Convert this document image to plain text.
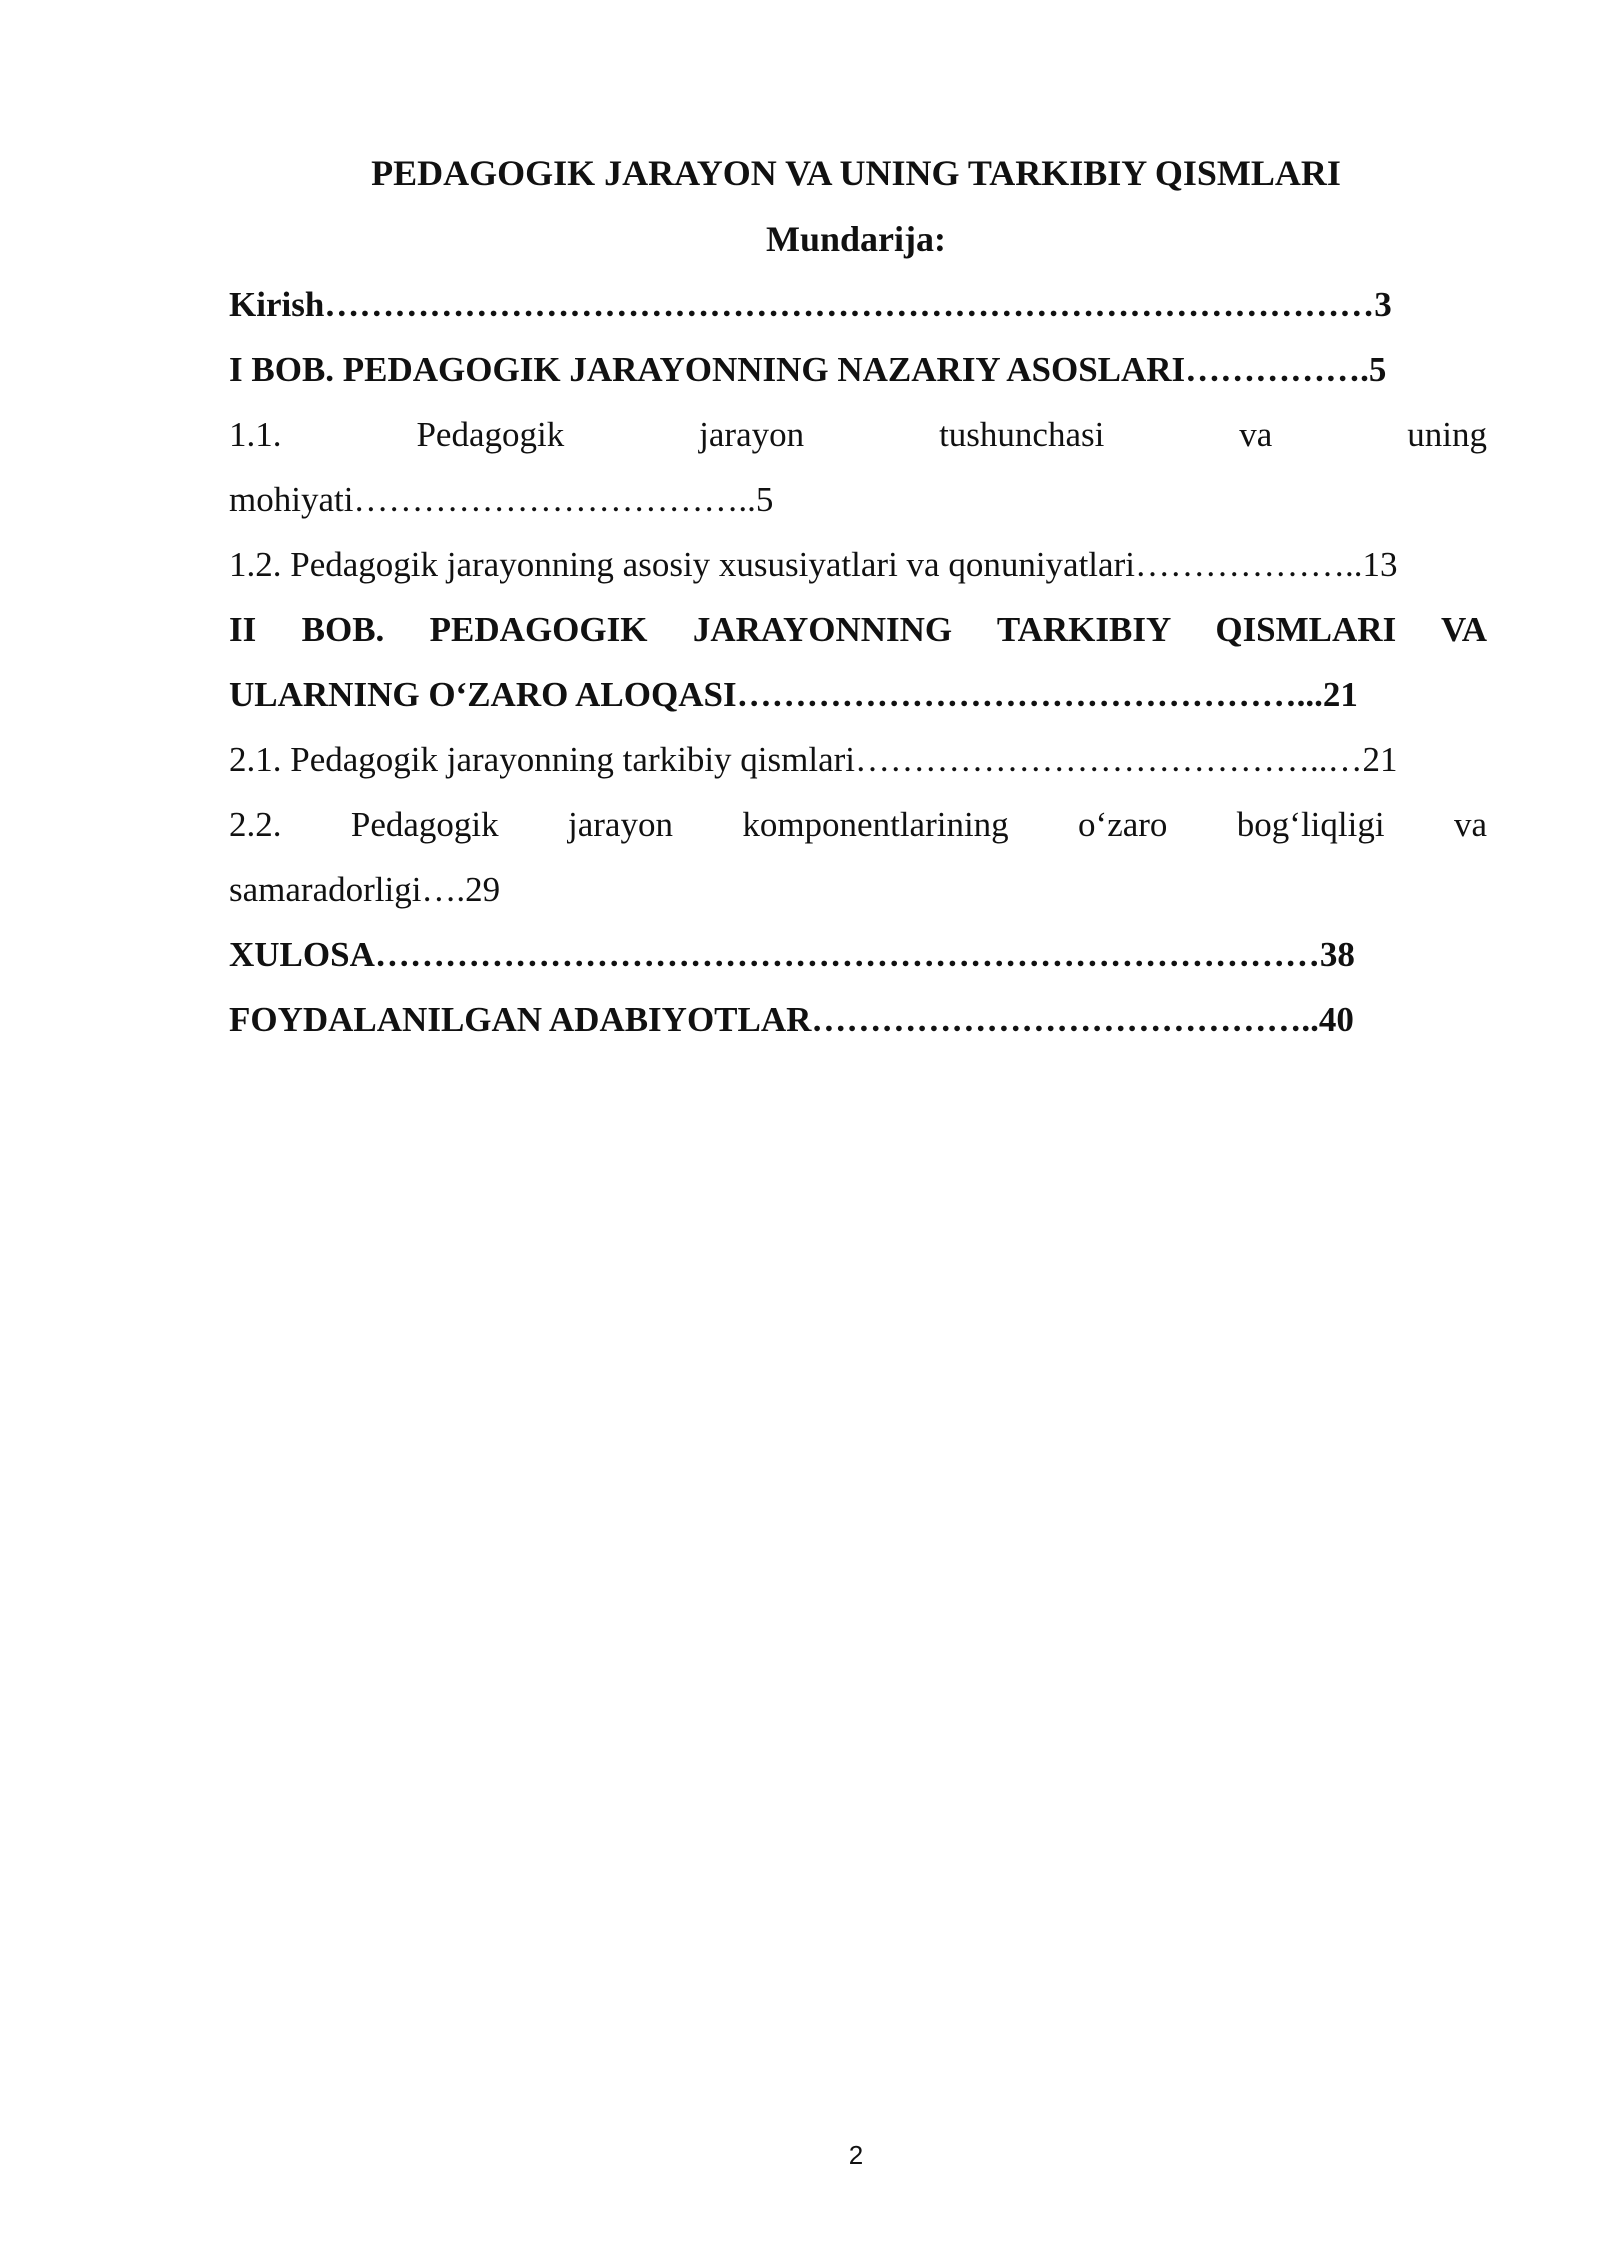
PEDAGOGIK JARAYON VA UNING TARKIBIY QISMLARI
Mundarija:
Kirish………………………………………………………………………………3
I BOB. PEDAGOGIK JARAYONNING NAZARIY ASOSLARI…………….5
1.1. Pedagogik jarayon tushunchasi va uning
mohiyati……………………………..5
1.2. Pedagogik jarayonning asosiy xususiyatlari va qonuniyatlari………………..13
II BOB. PEDAGOGIK JARAYONNING TARKIBIY QISMLARI VA
ULARNING O‘ZARO ALOQASI…………………………………………...21
2.1. Pedagogik jarayonning tarkibiy qismlari…………………………………..…21
2.2. Pedagogik jarayon komponentlarining o‘zaro bog‘liqligi va
samaradorligi….29
XULOSA………………………………………………………………………38
FOYDALANILGAN ADABIYOTLAR……………………………………..40
2
